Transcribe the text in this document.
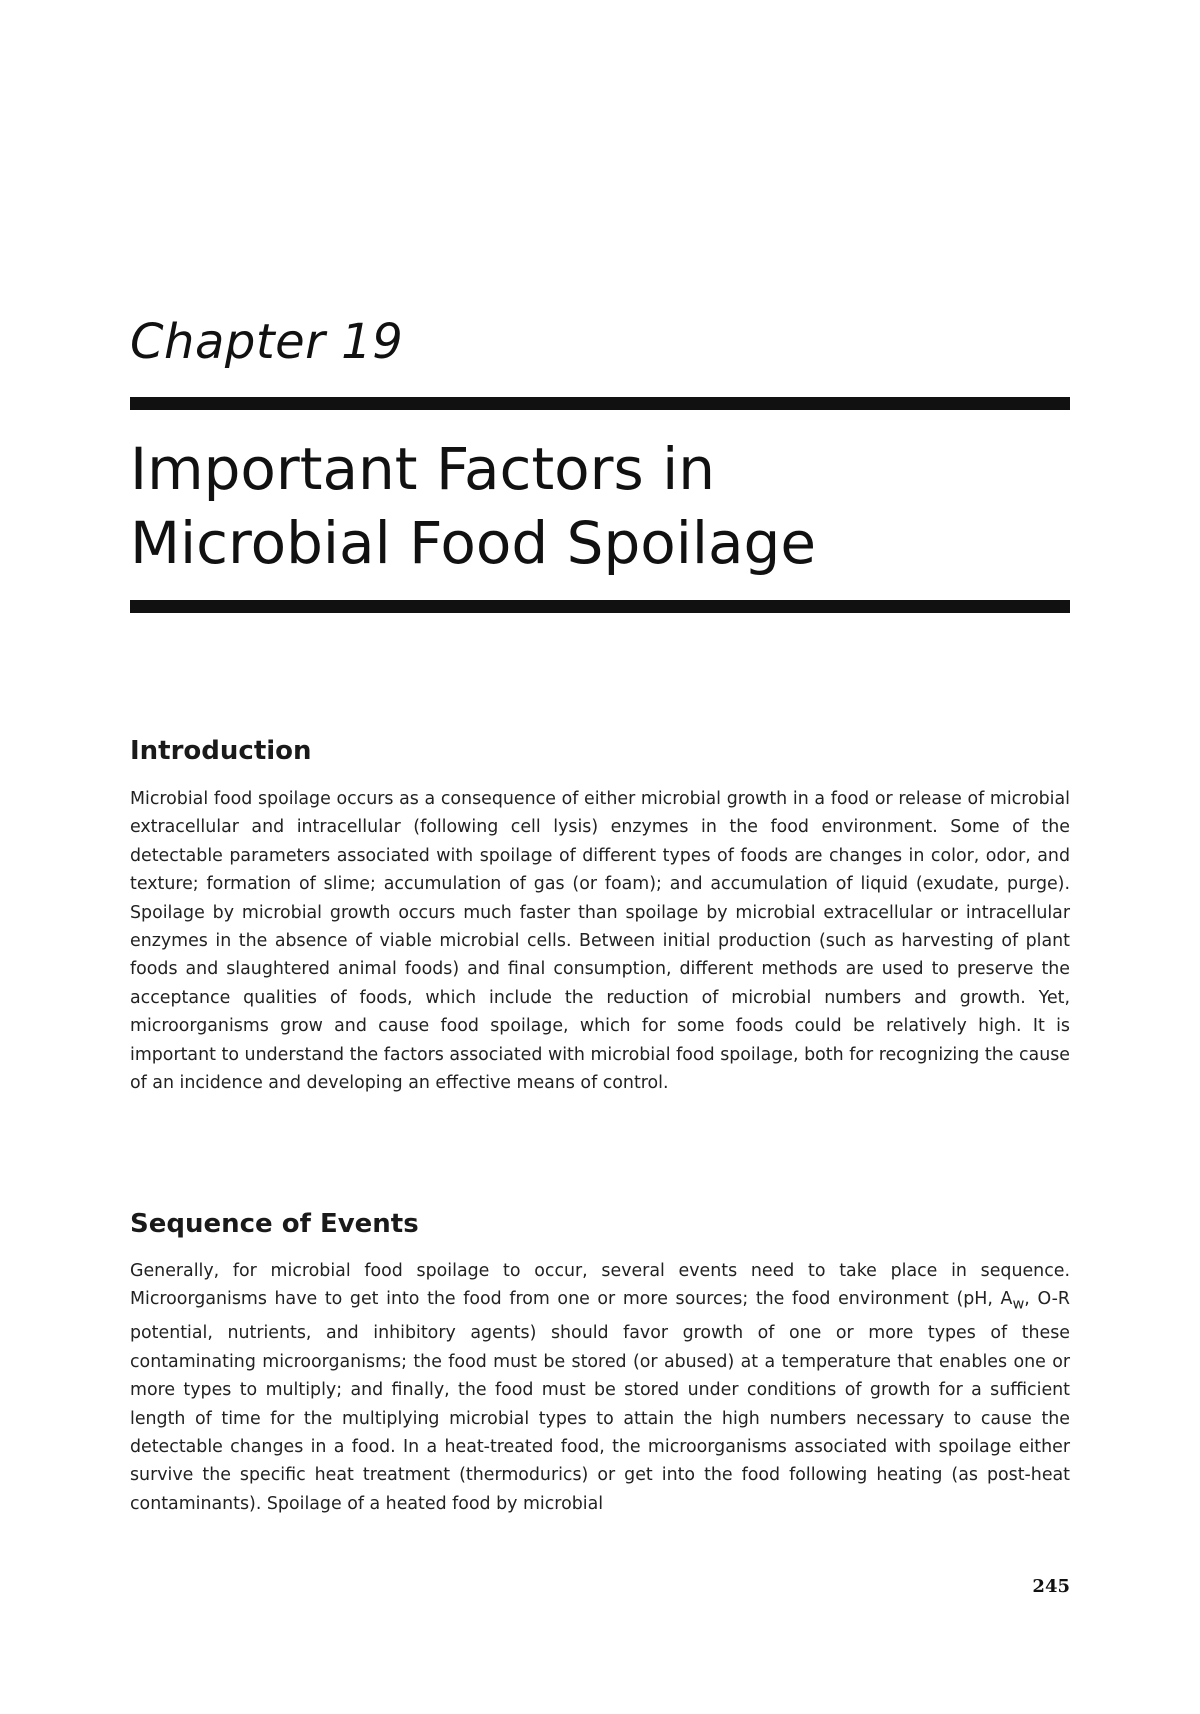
Chapter 19
Important Factors in
Microbial Food Spoilage
Introduction

Microbial food spoilage occurs as a consequence of either microbial growth in a food or release of microbial extracellular and intracellular (following cell lysis) enzymes in the food environment. Some of the detectable parameters associated with spoilage of different types of foods are changes in color, odor, and texture; formation of slime; accumulation of gas (or foam); and accumulation of liquid (exudate, purge). Spoilage by microbial growth occurs much faster than spoilage by microbial extracellular or intracellular enzymes in the absence of viable microbial cells. Between initial production (such as harvesting of plant foods and slaughtered animal foods) and final consumption, different methods are used to preserve the acceptance qualities of foods, which include the reduction of microbial numbers and growth. Yet, microorganisms grow and cause food spoilage, which for some foods could be relatively high. It is important to understand the factors associated with microbial food spoilage, both for recognizing the cause of an incidence and developing an effective means of control.

Sequence of Events

Generally, for microbial food spoilage to occur, several events need to take place in sequence. Microorganisms have to get into the food from one or more sources; the food environment (pH, $A_w$, O-R potential, nutrients, and inhibitory agents) should favor growth of one or more types of these contaminating microorganisms; the food must be stored (or abused) at a temperature that enables one or more types to multiply; and finally, the food must be stored under conditions of growth for a sufficient length of time for the multiplying microbial types to attain the high numbers necessary to cause the detectable changes in a food. In a heat-treated food, the microorganisms associated with spoilage either survive the specific heat treatment (thermodurics) or get into the food following heating (as post-heat contaminants). Spoilage of a heated food by microbial

245
